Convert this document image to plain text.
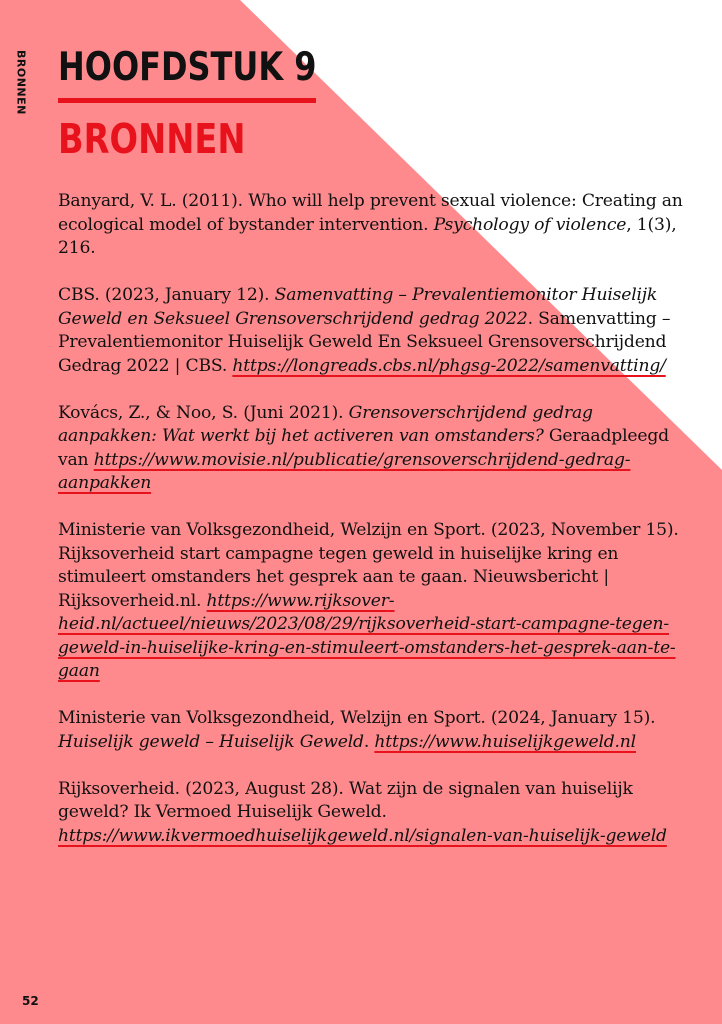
BRONNEN HOOFDSTUK 9
BRONNEN

Banyard, V. L. (2011). Who will help prevent sexual violence: Creating an ecological model of bystander intervention. Psychology of violence, 1(3), 216.

CBS. (2023, January 12). Samenvatting – Prevalentiemonitor Huiselijk Geweld en Seksueel Grensoverschrijdend gedrag 2022. Samenvatting – Prevalentiemonitor Huiselijk Geweld En Seksueel Grensoverschrijdend Gedrag 2022 | CBS. https://longreads.cbs.nl/phgsg-2022/samenvatting/

Kovács, Z., & Noo, S. (Juni 2021). Grensoverschrijdend gedrag aanpakken: Wat werkt bij het activeren van omstanders? Geraadpleegd van https://www.movisie.nl/publicatie/grensoverschrijdend-gedrag-aanpakken

Ministerie van Volksgezondheid, Welzijn en Sport. (2023, November 15). Rijksoverheid start campagne tegen geweld in huiselijke kring en stimuleert omstanders het gesprek aan te gaan. Nieuwsbericht | Rijksoverheid.nl. https://www.rijksoverheid.nl/actueel/nieuws/2023/08/29/rijksoverheid-start-campagne-tegen-geweld-in-huiselijke-kring-en-stimuleert-omstanders-het-gesprek-aan-te-gaan

Ministerie van Volksgezondheid, Welzijn en Sport. (2024, January 15). Huiselijk geweld – Huiselijk Geweld. https://www.huiselijkgeweld.nl

Rijksoverheid. (2023, August 28). Wat zijn de signalen van huiselijk geweld? Ik Vermoed Huiselijk Geweld. https://www.ikvermoedhuiselijkgeweld.nl/signalen-van-huiselijk-geweld

52
